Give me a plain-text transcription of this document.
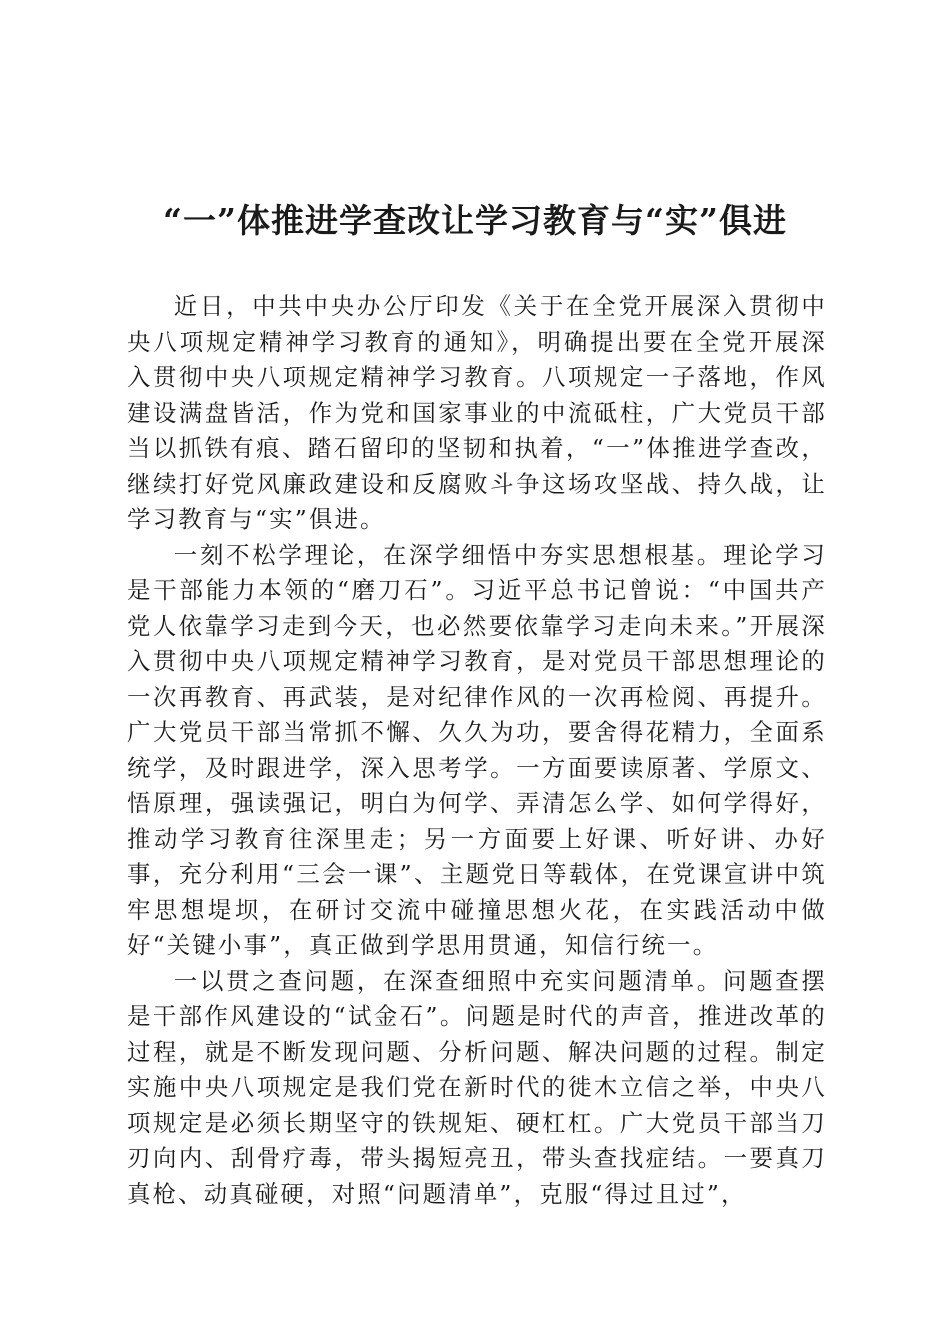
“一”体推进学查改让学习教育与“实”俱进

近日，中共中央办公厅印发《关于在全党开展深入贯彻中央八项规定精神学习教育的通知》，明确提出要在全党开展深入贯彻中央八项规定精神学习教育。八项规定一子落地，作风建设满盘皆活，作为党和国家事业的中流砥柱，广大党员干部当以抓铁有痕、踏石留印的坚韧和执着，“一”体推进学查改，继续打好党风廉政建设和反腐败斗争这场攻坚战、持久战，让学习教育与“实”俱进。

一刻不松学理论，在深学细悟中夯实思想根基。理论学习是干部能力本领的“磨刀石”。习近平总书记曾说：“中国共产党人依靠学习走到今天，也必然要依靠学习走向未来。”开展深入贯彻中央八项规定精神学习教育，是对党员干部思想理论的一次再教育、再武装，是对纪律作风的一次再检阅、再提升。广大党员干部当常抓不懈、久久为功，要舍得花精力，全面系统学，及时跟进学，深入思考学。一方面要读原著、学原文、悟原理，强读强记，明白为何学、弄清怎么学、如何学得好，推动学习教育往深里走；另一方面要上好课、听好讲、办好事，充分利用“三会一课”、主题党日等载体，在党课宣讲中筑牢思想堤坝，在研讨交流中碰撞思想火花，在实践活动中做好“关键小事”，真正做到学思用贯通，知信行统一。

一以贯之查问题，在深查细照中充实问题清单。问题查摆是干部作风建设的“试金石”。问题是时代的声音，推进改革的过程，就是不断发现问题、分析问题、解决问题的过程。制定实施中央八项规定是我们党在新时代的徙木立信之举，中央八项规定是必须长期坚守的铁规矩、硬杠杠。广大党员干部当刀刃向内、刮骨疗毒，带头揭短亮丑，带头查找症结。一要真刀真枪、动真碰硬，对照“问题清单”，克服“得过且过”，
